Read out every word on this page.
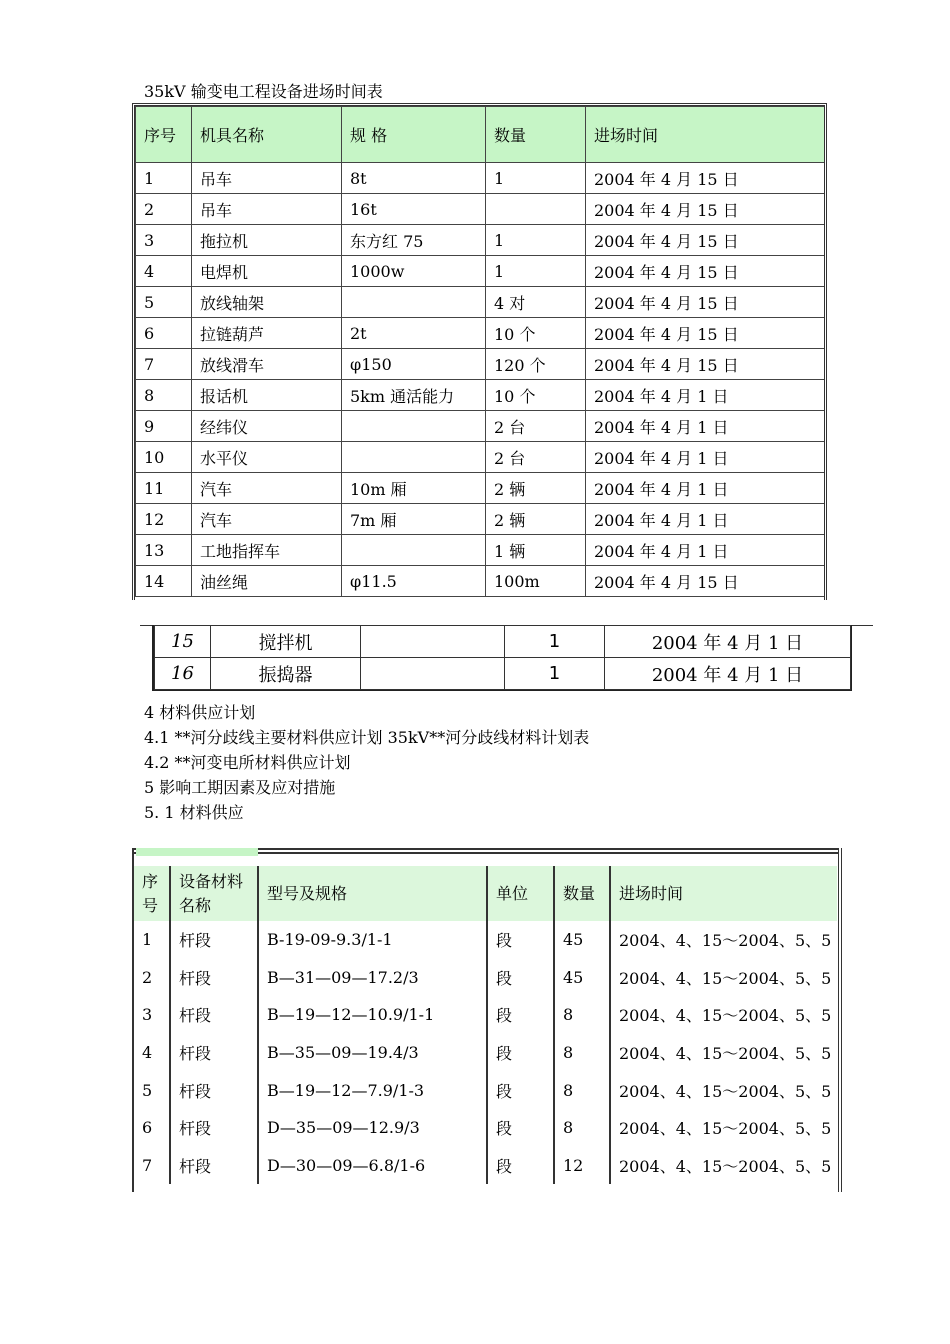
35kV 输变电工程设备进场时间表
序号	机具名称	规 格	数量	进场时间
1	吊车	8t	1	2004 年 4 月 15 日
2	吊车	16t		2004 年 4 月 15 日
3	拖拉机	东方红 75	1	2004 年 4 月 15 日
4	电焊机	1000w	1	2004 年 4 月 15 日
5	放线轴架		4 对	2004 年 4 月 15 日
6	拉链葫芦	2t	10 个	2004 年 4 月 15 日
7	放线滑车	φ150	120 个	2004 年 4 月 15 日
8	报话机	5km 通活能力	10 个	2004 年 4 月 1 日
9	经纬仪		2 台	2004 年 4 月 1 日
10	水平仪		2 台	2004 年 4 月 1 日
11	汽车	10m 厢	2 辆	2004 年 4 月 1 日
12	汽车	7m 厢	2 辆	2004 年 4 月 1 日
13	工地指挥车		1 辆	2004 年 4 月 1 日
14	油丝绳	φ11.5	100m	2004 年 4 月 15 日
15	搅拌机		1	2004 年 4 月 1 日
16	振捣器		1	2004 年 4 月 1 日
4 材料供应计划
4.1 **河分歧线主要材料供应计划 35kV**河分歧线材料计划表
4.2 **河变电所材料供应计划
5 影响工期因素及应对措施
5. 1 材料供应
序号	设备材料名称	型号及规格	单位	数量	进场时间
1	杆段	B-19-09-9.3/1-1	段	45	2004、4、15～2004、5、5
2	杆段	B—31—09—17.2/3	段	45	2004、4、15～2004、5、5
3	杆段	B—19—12—10.9/1-1	段	8	2004、4、15～2004、5、5
4	杆段	B—35—09—19.4/3	段	8	2004、4、15～2004、5、5
5	杆段	B—19—12—7.9/1-3	段	8	2004、4、15～2004、5、5
6	杆段	D—35—09—12.9/3	段	8	2004、4、15～2004、5、5
7	杆段	D—30—09—6.8/1-6	段	12	2004、4、15～2004、5、5
